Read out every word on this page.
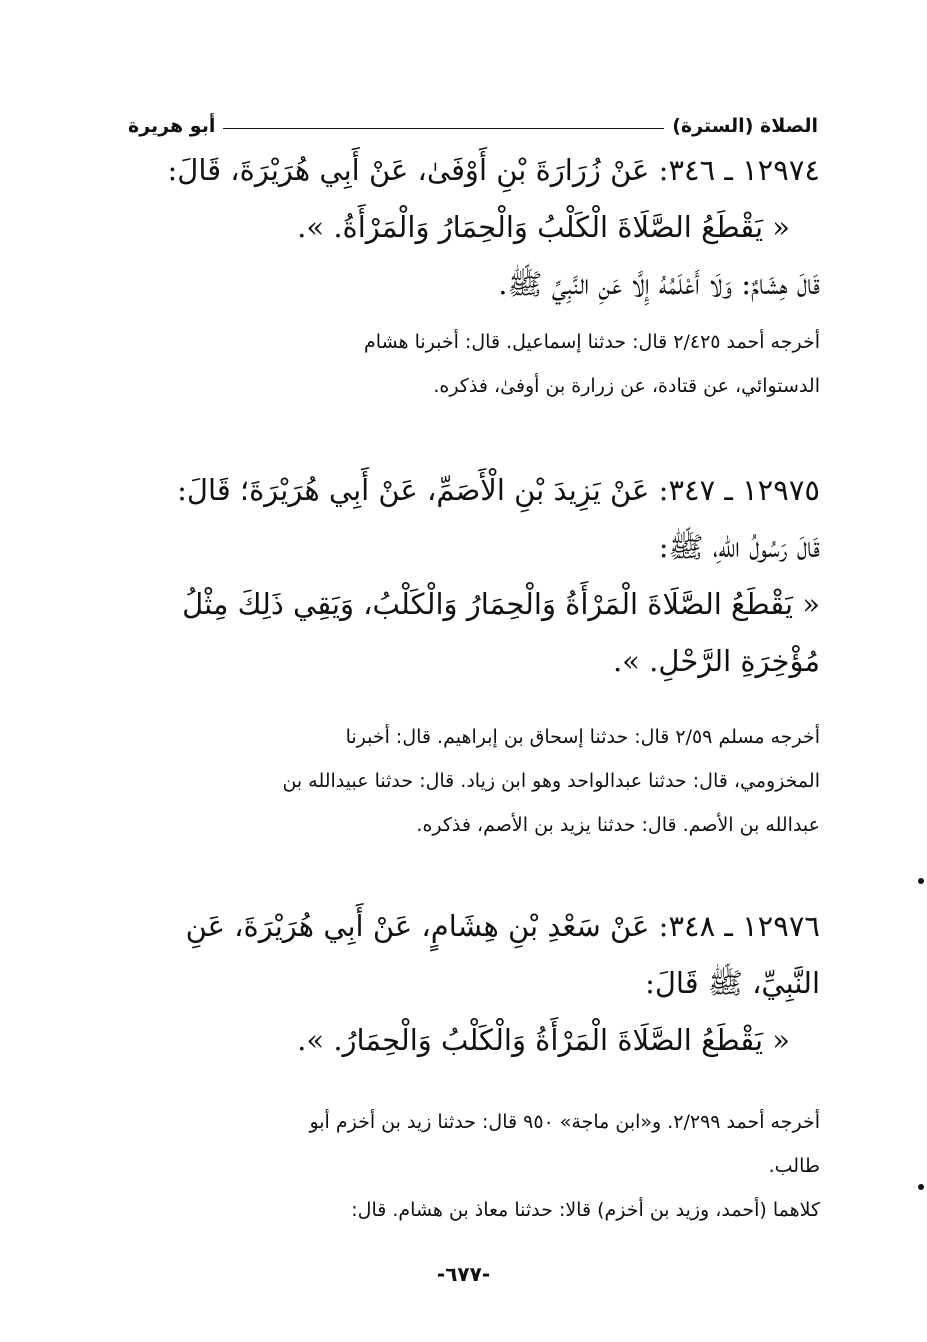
الصلاة (السترة)
أبو هريرة
١٢٩٧٤ ـ ٣٤٦: عَنْ زُرَارَةَ بْنِ أَوْفَىٰ، عَنْ أَبِي هُرَيْرَةَ، قَالَ:
« يَقْطَعُ الصَّلَاةَ الْكَلْبُ وَالْحِمَارُ وَالْمَرْأَةُ. ».
قَالَ هِشَامٌ: وَلَا أَعْلَمُهُ إِلَّا عَنِ النَّبِيِّ ﷺ.
أخرجه أحمد ٢/٤٢٥ قال: حدثنا إسماعيل. قال: أخبرنا هشام
الدستوائي، عن قتادة، عن زرارة بن أوفىٰ، فذكره.
١٢٩٧٥ ـ ٣٤٧: عَنْ يَزِيدَ بْنِ الْأَصَمِّ، عَنْ أَبِي هُرَيْرَةَ؛ قَالَ:
قَالَ رَسُولُ اللهِ، ﷺ:
« يَقْطَعُ الصَّلَاةَ الْمَرْأَةُ وَالْحِمَارُ وَالْكَلْبُ، وَيَقِي ذَلِكَ مِثْلُ
مُؤْخِرَةِ الرَّحْلِ. ».
أخرجه مسلم ٢/٥٩ قال: حدثنا إسحاق بن إبراهيم. قال: أخبرنا
المخزومي، قال: حدثنا عبدالواحد وهو ابن زياد. قال: حدثنا عبيدالله بن
عبدالله بن الأصم. قال: حدثنا يزيد بن الأصم، فذكره.
١٢٩٧٦ ـ ٣٤٨: عَنْ سَعْدِ بْنِ هِشَامٍ، عَنْ أَبِي هُرَيْرَةَ، عَنِ
النَّبِيِّ، ﷺ قَالَ:
« يَقْطَعُ الصَّلَاةَ الْمَرْأَةُ وَالْكَلْبُ وَالْحِمَارُ. ».
أخرجه أحمد ٢/٢٩٩. و«ابن ماجة» ٩٥٠ قال: حدثنا زيد بن أخزم أبو
طالب.
كلاهما (أحمد، وزيد بن أخزم) قالا: حدثنا معاذ بن هشام. قال:
-٦٧٧-
